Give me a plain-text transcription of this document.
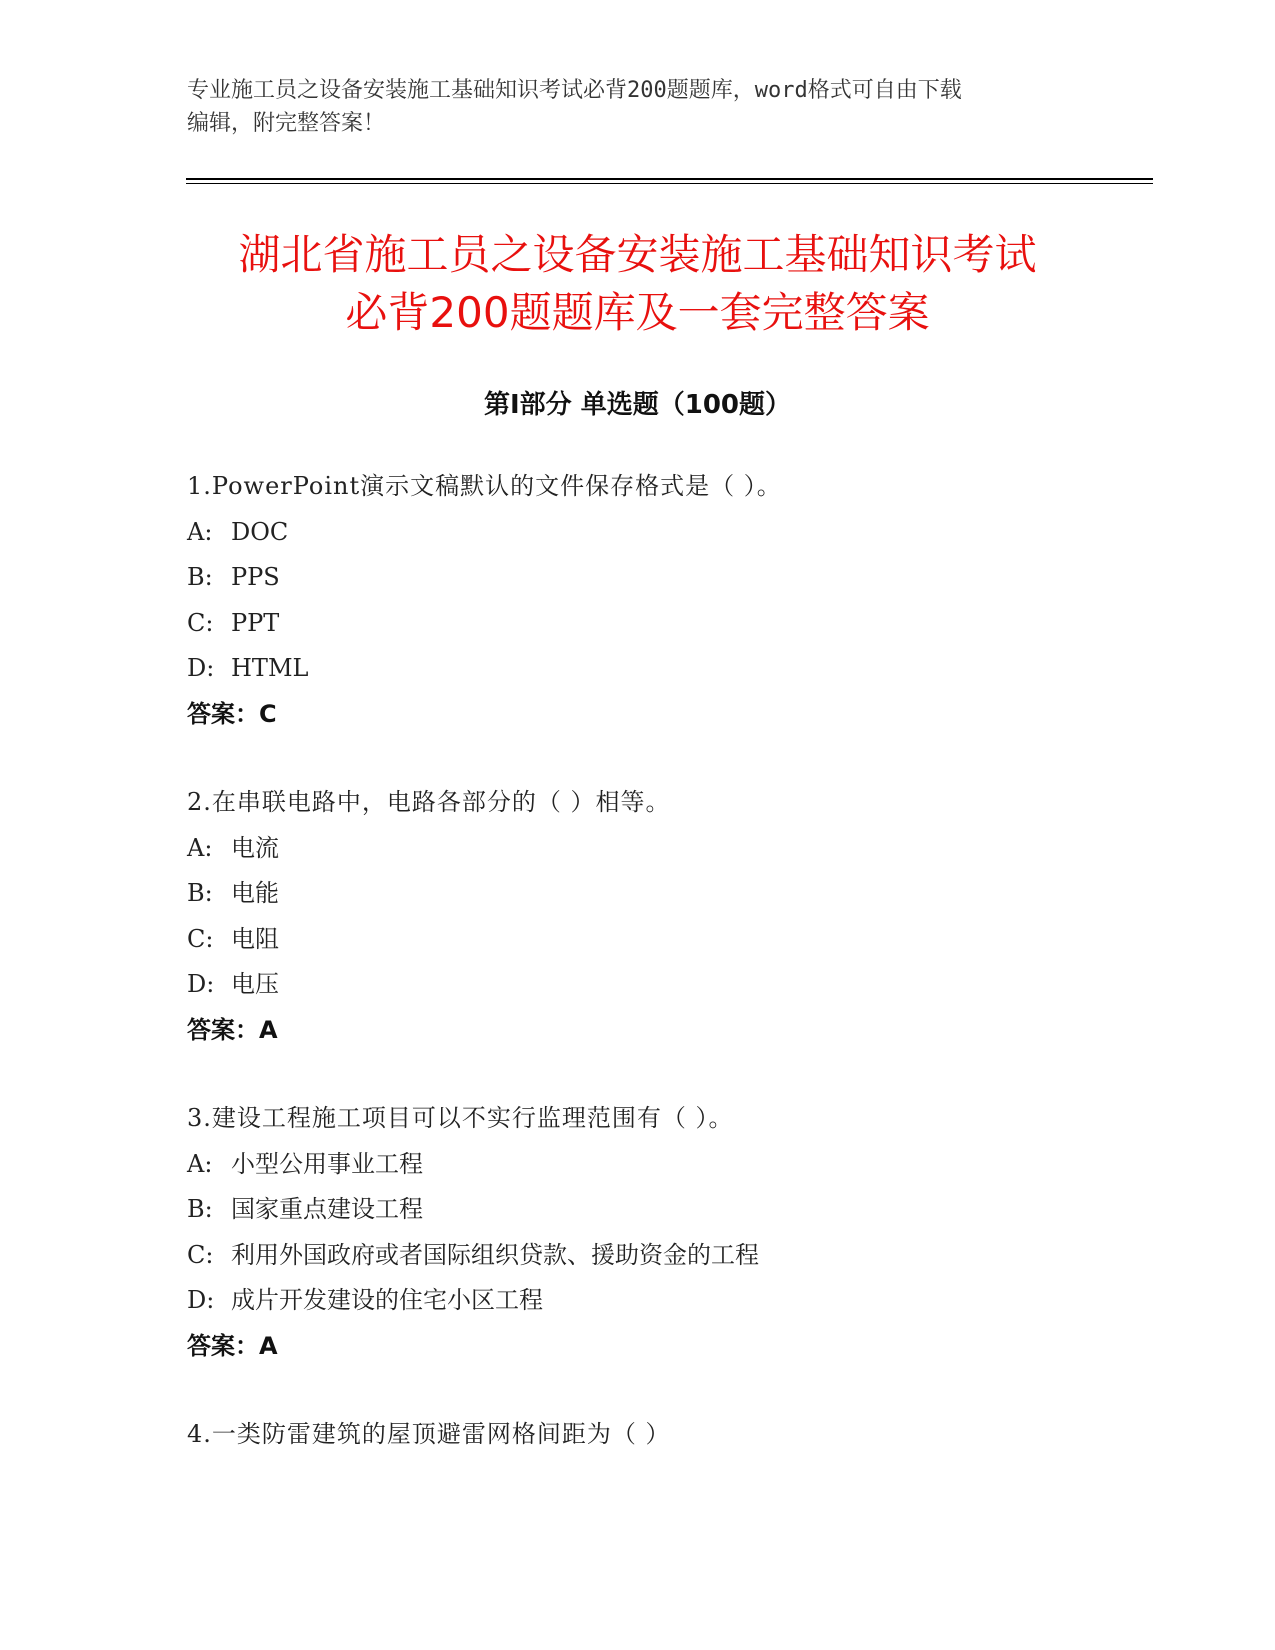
专业施工员之设备安装施工基础知识考试必背200题题库，word格式可自由下载
编辑，附完整答案！
湖北省施工员之设备安装施工基础知识考试
必背200题题库及一套完整答案
第Ⅰ部分 单选题（100题）
1.PowerPoint演示文稿默认的文件保存格式是（ ）。
A: DOC
B: PPS
C: PPT
D: HTML
答案：C
2.在串联电路中，电路各部分的（ ）相等。
A: 电流
B: 电能
C: 电阻
D: 电压
答案：A
3.建设工程施工项目可以不实行监理范围有（ ）。
A: 小型公用事业工程
B: 国家重点建设工程
C: 利用外国政府或者国际组织贷款、援助资金的工程
D: 成片开发建设的住宅小区工程
答案：A
4.一类防雷建筑的屋顶避雷网格间距为（ ）
